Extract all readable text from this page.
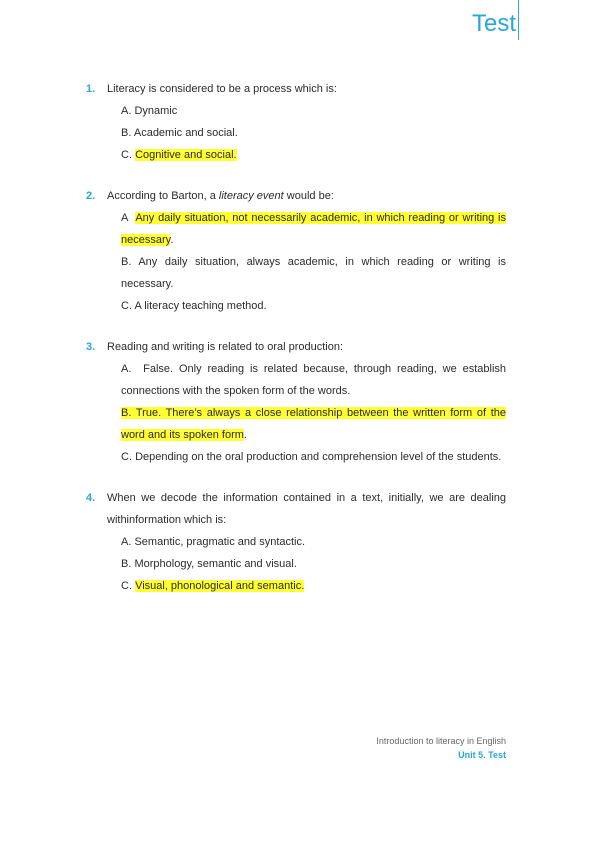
Test
1.	Literacy is considered to be a process which is:
A. Dynamic
B. Academic and social.
C. Cognitive and social.
2.	According to Barton, a literacy event would be:
A Any daily situation, not necessarily academic, in which reading or writing is necessary.
B. Any daily situation, always academic, in which reading or writing is necessary.
C. A literacy teaching method.
3.	Reading and writing is related to oral production:
A. False. Only reading is related because, through reading, we establish connections with the spoken form of the words.
B. True. There’s always a close relationship between the written form of the word and its spoken form.
C. Depending on the oral production and comprehension level of the students.
4.	When we decode the information contained in a text, initially, we are dealing withinformation which is:
A. Semantic, pragmatic and syntactic.
B. Morphology, semantic and visual.
C. Visual, phonological and semantic.
Introduction to literacy in English
Unit 5. Test
